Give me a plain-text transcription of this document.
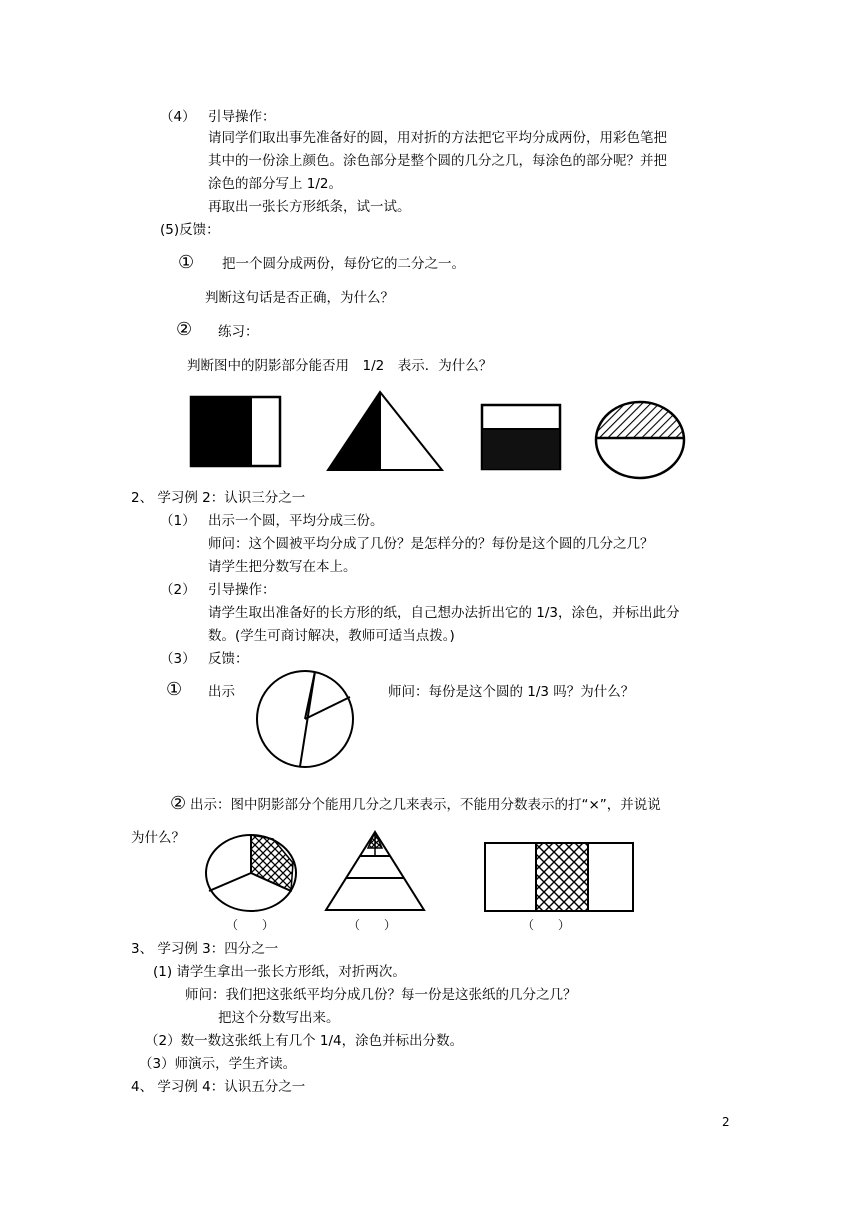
（4） 引导操作：
请同学们取出事先准备好的圆，用对折的方法把它平均分成两份，用彩色笔把
其中的一份涂上颜色。涂色部分是整个圆的几分之几，每涂色的部分呢？并把
涂色的部分写上 1/2。
再取出一张长方形纸条，试一试。
(5)反馈：
① 把一个圆分成两份，每份它的二分之一。
判断这句话是否正确，为什么？
② 练习：
判断图中的阴影部分能否用　1/2　表示．为什么？
2、 学习例 2：认识三分之一
（1） 出示一个圆，平均分成三份。
师问：这个圆被平均分成了几份？是怎样分的？每份是这个圆的几分之几？
请学生把分数写在本上。
（2） 引导操作：
请学生取出准备好的长方形的纸，自己想办法折出它的 1/3，涂色，并标出此分
数。(学生可商讨解决，教师可适当点拨。)
（3） 反馈：
① 出示	师问：每份是这个圆的 1/3 吗？为什么？
② 出示：图中阴影部分个能用几分之几来表示，不能用分数表示的打“×”，并说说
为什么？
（　　）	（　　）	（　　）
3、 学习例 3：四分之一
(1) 请学生拿出一张长方形纸，对折两次。
师问：我们把这张纸平均分成几份？每一份是这张纸的几分之几？
把这个分数写出来。
（2）数一数这张纸上有几个 1/4，涂色并标出分数。
（3）师演示，学生齐读。
4、 学习例 4：认识五分之一
2
